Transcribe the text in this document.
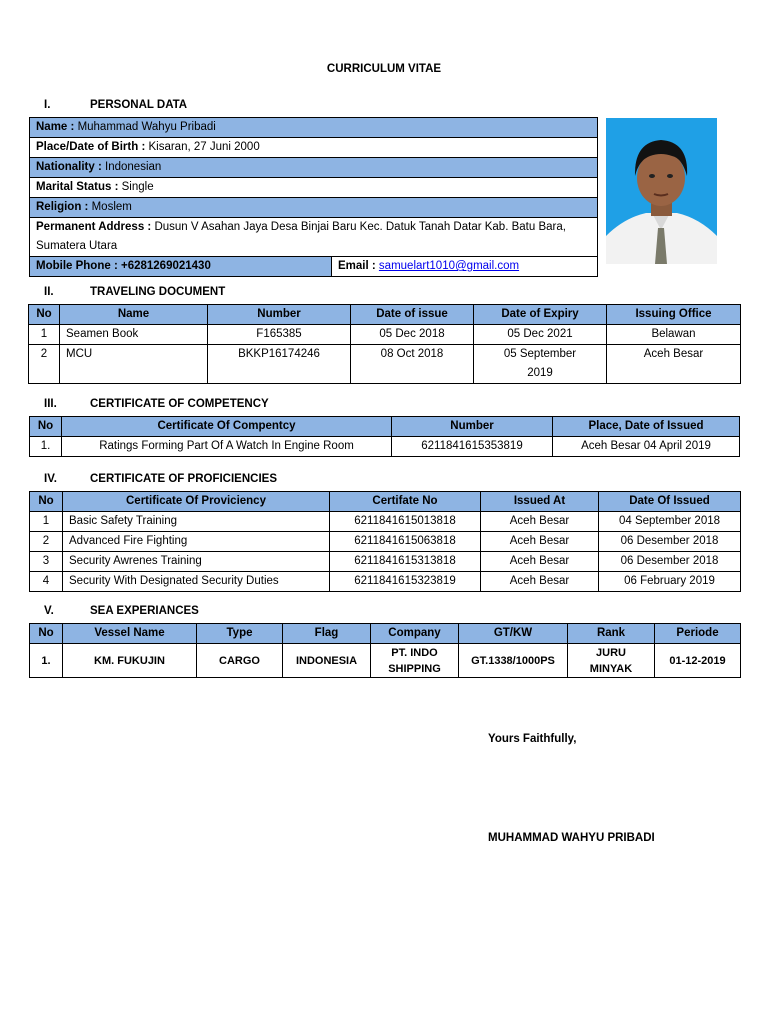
CURRICULUM VITAE
I.	PERSONAL DATA
Name : Muhammad Wahyu Pribadi
Place/Date of Birth : Kisaran, 27 Juni 2000
Nationality : Indonesian
Marital Status : Single
Religion : Moslem
Permanent Address : Dusun V Asahan Jaya Desa Binjai Baru Kec. Datuk Tanah Datar Kab. Batu Bara, Sumatera Utara
Mobile Phone : +6281269021430	Email : samuelart1010@gmail.com
II.	TRAVELING DOCUMENT
No	Name	Number	Date of issue	Date of Expiry	Issuing Office
1	Seamen Book	F165385	05 Dec 2018	05 Dec 2021	Belawan
2	MCU	BKKP16174246	08 Oct 2018	05 September 2019	Aceh Besar
III.	CERTIFICATE OF COMPETENCY
No	Certificate Of Compentcy	Number	Place, Date of Issued
1.	Ratings Forming Part Of A Watch In Engine Room	6211841615353819	Aceh Besar 04 April 2019
IV.	CERTIFICATE OF PROFICIENCIES
No	Certificate Of Proviciency	Certifate No	Issued At	Date Of Issued
1	Basic Safety Training	6211841615013818	Aceh Besar	04 September 2018
2	Advanced Fire Fighting	6211841615063818	Aceh Besar	06 Desember 2018
3	Security Awrenes Training	6211841615313818	Aceh Besar	06 Desember 2018
4	Security With Designated Security Duties	6211841615323819	Aceh Besar	06 February 2019
V.	SEA EXPERIANCES
No	Vessel Name	Type	Flag	Company	GT/KW	Rank	Periode
1.	KM. FUKUJIN	CARGO	INDONESIA	PT. INDO SHIPPING	GT.1338/1000PS	JURU MINYAK	01-12-2019
Yours Faithfully,
MUHAMMAD WAHYU PRIBADI
